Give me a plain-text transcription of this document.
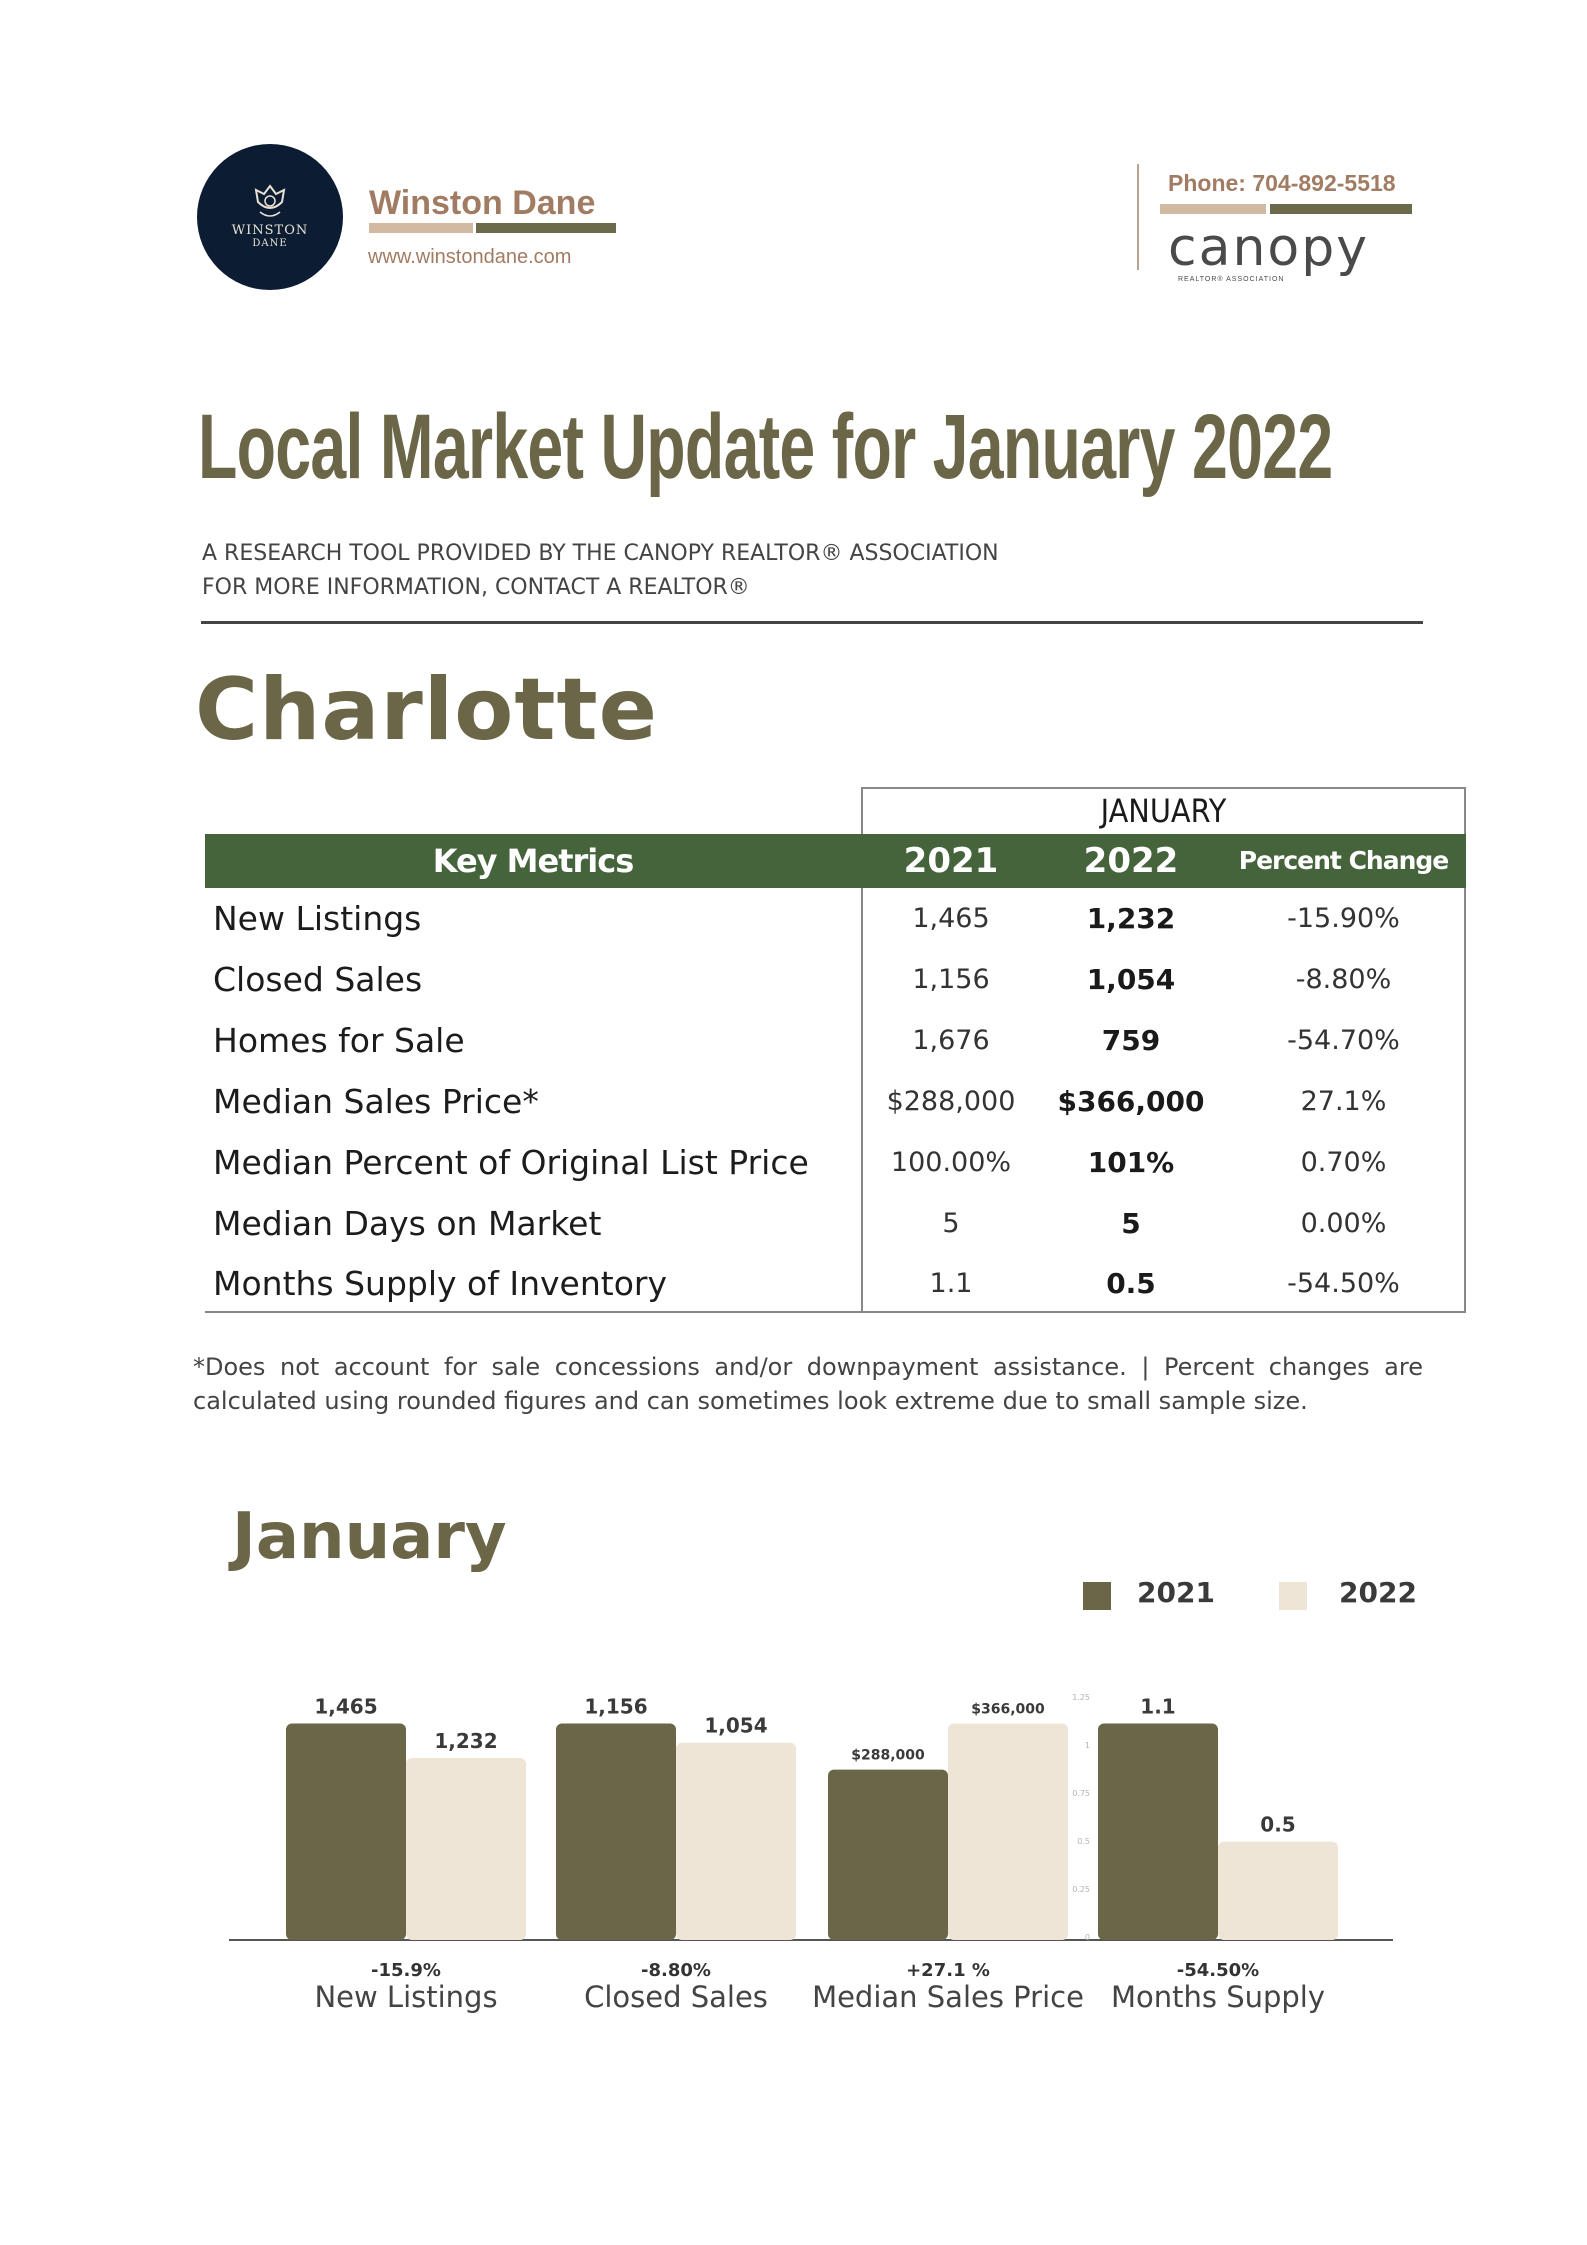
WINSTON
DANE
Winston Dane
www.winstondane.com
Phone: 704-892-5518
canopy
REALTOR® ASSOCIATION
Local Market Update for January 2022
A RESEARCH TOOL PROVIDED BY THE CANOPY REALTOR® ASSOCIATION
FOR MORE INFORMATION, CONTACT A REALTOR®
Charlotte
JANUARY
Key Metrics	2021	2022	Percent Change
New Listings	1,465	1,232	-15.90%
Closed Sales	1,156	1,054	-8.80%
Homes for Sale	1,676	759	-54.70%
Median Sales Price*	$288,000	$366,000	27.1%
Median Percent of Original List Price	100.00%	101%	0.70%
Median Days on Market	5	5	0.00%
Months Supply of Inventory	1.1	0.5	-54.50%
*Does not account for sale concessions and/or downpayment assistance. | Percent changes are calculated using rounded figures and can sometimes look extreme due to small sample size.
January
2021	2022
1,465
1,232
-15.9%
New Listings
1,156
1,054
-8.80%
Closed Sales
$288,000
$366,000
+27.1 %
Median Sales Price
1.1
0.5
-54.50%
Months Supply
0
0.25
0.5
0.75
1
1.25
